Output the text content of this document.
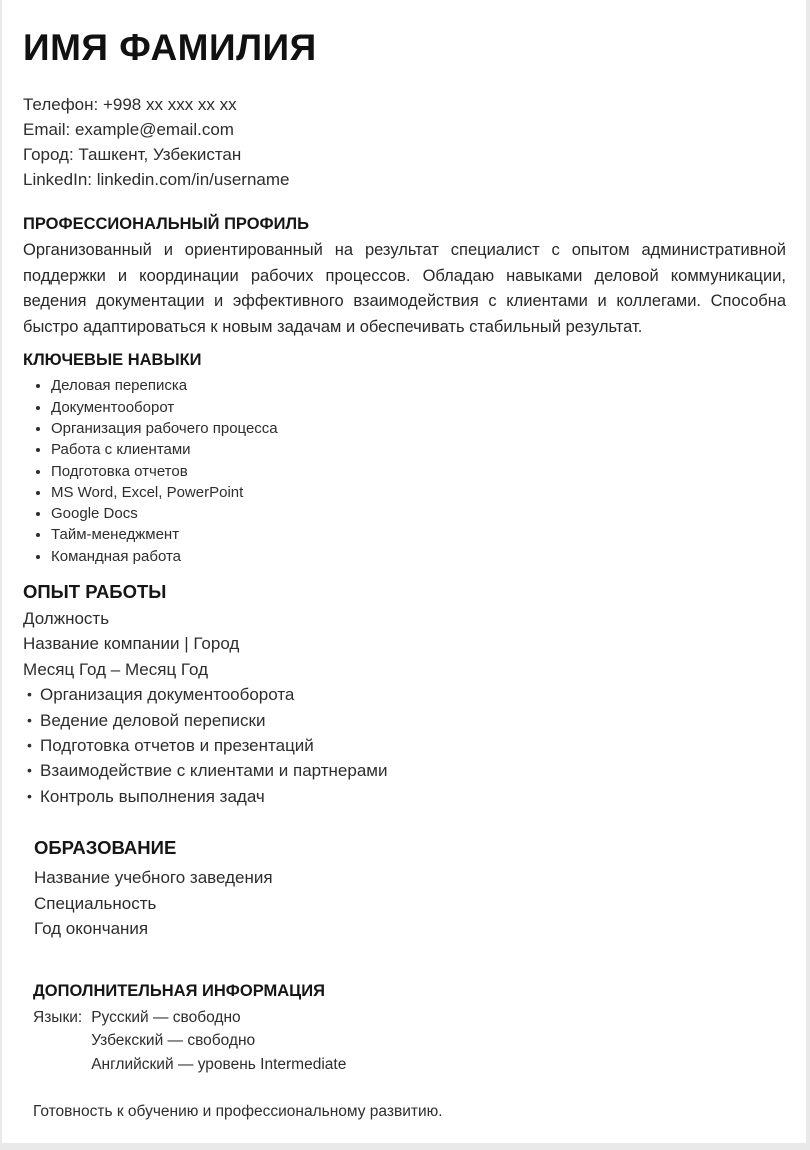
ИМЯ ФАМИЛИЯ
Телефон: +998 xx xxx xx xx
Email: example@email.com
Город: Ташкент, Узбекистан
LinkedIn: linkedin.com/in/username
ПРОФЕССИОНАЛЬНЫЙ ПРОФИЛЬ

Организованный и ориентированный на результат специалист с опытом административной поддержки и координации рабочих процессов. Обладаю навыками деловой коммуникации, ведения документации и эффективного взаимодействия с клиентами и коллегами. Способна быстро адаптироваться к новым задачам и обеспечивать стабильный результат.

КЛЮЧЕВЫЕ НАВЫКИ
• Деловая переписка
• Документооборот
• Организация рабочего процесса
• Работа с клиентами
• Подготовка отчетов
• MS Word, Excel, PowerPoint
• Google Docs
• Тайм-менеджмент
• Командная работа
ОПЫТ РАБОТЫ
Должность
Название компании | Город
Месяц Год – Месяц Год
• Организация документооборота
• Ведение деловой переписки
• Подготовка отчетов и презентаций
• Взаимодействие с клиентами и партнерами
• Контроль выполнения задач
ОБРАЗОВАНИЕ
Название учебного заведения
Специальность
Год окончания
ДОПОЛНИТЕЛЬНАЯ ИНФОРМАЦИЯ
Языки: Русский — свободно
Узбекский — свободно
Английский — уровень Intermediate

Готовность к обучению и профессиональному развитию.
